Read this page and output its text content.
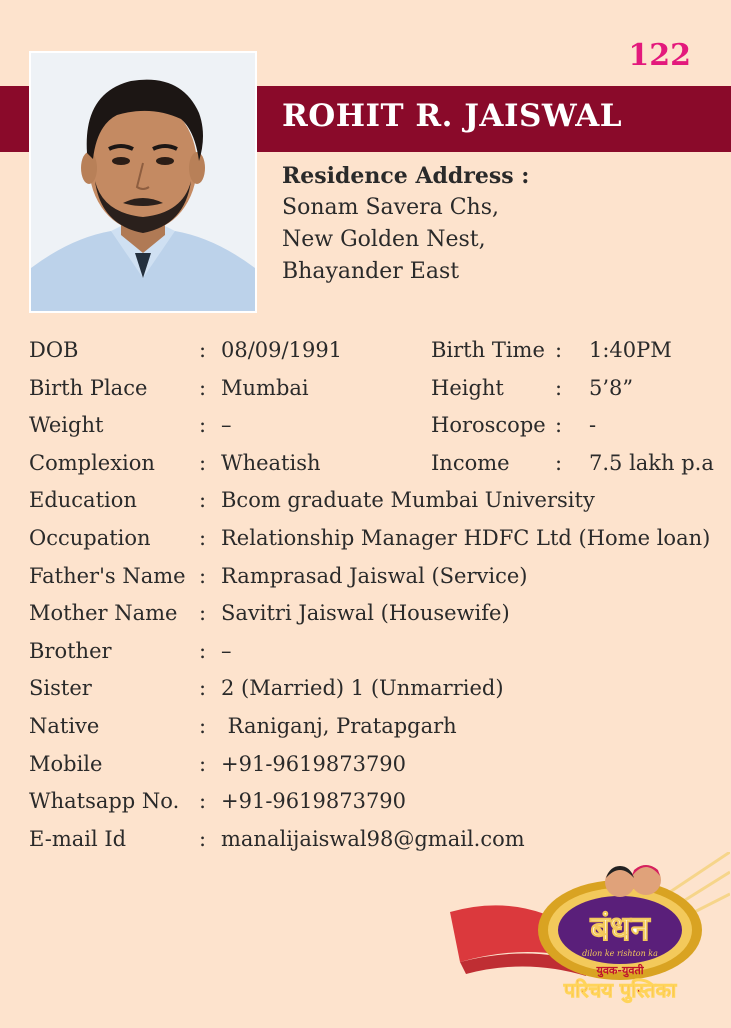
122
ROHIT R. JAISWAL
Residence Address :
Sonam Savera Chs,
New Golden Nest,
Bhayander East
DOB	: 08/09/1991	Birth Time : 1:40PM
Birth Place : Mumbai	Height : 5’8”
Weight	: –	Horoscope : -
Complexion : Wheatish	Income : 7.5 lakh p.a
Education	: Bcom graduate Mumbai University
Occupation : Relationship Manager HDFC Ltd (Home loan)
Father's Name : Ramprasad Jaiswal (Service)
Mother Name : Savitri Jaiswal (Housewife)
Brother	: –
Sister	: 2 (Married) 1 (Unmarried)
Native	: Raniganj, Pratapgarh
Mobile	: +91-9619873790
Whatsapp No. : +91-9619873790
E-mail Id	: manalijaiswal98@gmail.com
बंधन
dilon ke rishton ka
युवक-युवती
परिचय पुस्तिका
